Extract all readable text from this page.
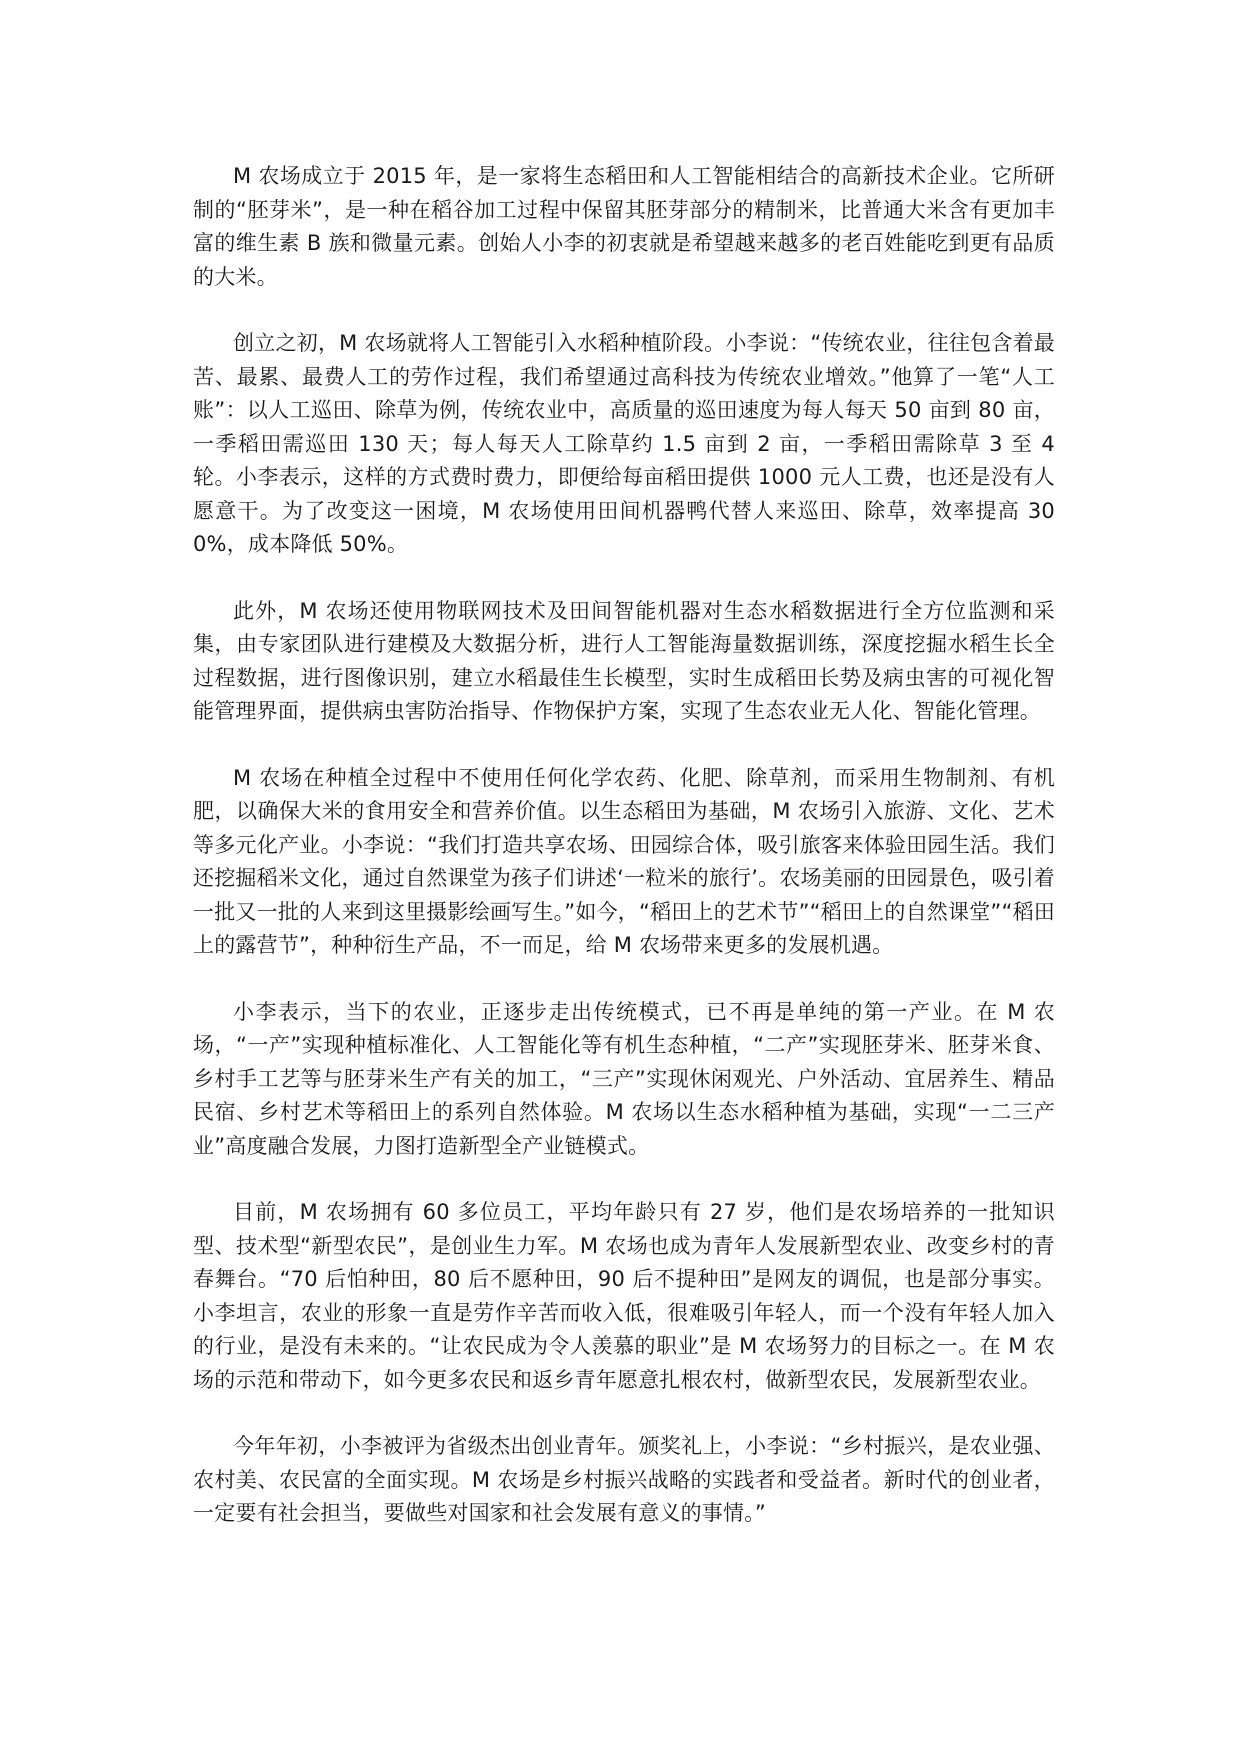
M 农场成立于 2015 年，是一家将生态稻田和人工智能相结合的高新技术企业。它所研制的“胚芽米”，是一种在稻谷加工过程中保留其胚芽部分的精制米，比普通大米含有更加丰富的维生素 B 族和微量元素。创始人小李的初衷就是希望越来越多的老百姓能吃到更有品质的大米。

创立之初，M 农场就将人工智能引入水稻种植阶段。小李说：“传统农业，往往包含着最苦、最累、最费人工的劳作过程，我们希望通过高科技为传统农业增效。”他算了一笔“人工账”：以人工巡田、除草为例，传统农业中，高质量的巡田速度为每人每天 50 亩到 80 亩，一季稻田需巡田 130 天；每人每天人工除草约 1.5 亩到 2 亩，一季稻田需除草 3 至 4 轮。小李表示，这样的方式费时费力，即便给每亩稻田提供 1000 元人工费，也还是没有人愿意干。为了改变这一困境，M 农场使用田间机器鸭代替人来巡田、除草，效率提高 300%，成本降低 50%。

此外，M 农场还使用物联网技术及田间智能机器对生态水稻数据进行全方位监测和采集，由专家团队进行建模及大数据分析，进行人工智能海量数据训练，深度挖掘水稻生长全过程数据，进行图像识别，建立水稻最佳生长模型，实时生成稻田长势及病虫害的可视化智能管理界面，提供病虫害防治指导、作物保护方案，实现了生态农业无人化、智能化管理。

M 农场在种植全过程中不使用任何化学农药、化肥、除草剂，而采用生物制剂、有机肥，以确保大米的食用安全和营养价值。以生态稻田为基础，M 农场引入旅游、文化、艺术等多元化产业。小李说：“我们打造共享农场、田园综合体，吸引旅客来体验田园生活。我们还挖掘稻米文化，通过自然课堂为孩子们讲述‘一粒米的旅行’。农场美丽的田园景色，吸引着一批又一批的人来到这里摄影绘画写生。”如今，“稻田上的艺术节”“稻田上的自然课堂”“稻田上的露营节”，种种衍生产品，不一而足，给 M 农场带来更多的发展机遇。

小李表示，当下的农业，正逐步走出传统模式，已不再是单纯的第一产业。在 M 农场，“一产”实现种植标准化、人工智能化等有机生态种植，“二产”实现胚芽米、胚芽米食、乡村手工艺等与胚芽米生产有关的加工，“三产”实现休闲观光、户外活动、宜居养生、精品民宿、乡村艺术等稻田上的系列自然体验。M 农场以生态水稻种植为基础，实现“一二三产业”高度融合发展，力图打造新型全产业链模式。

目前，M 农场拥有 60 多位员工，平均年龄只有 27 岁，他们是农场培养的一批知识型、技术型“新型农民”，是创业生力军。M 农场也成为青年人发展新型农业、改变乡村的青春舞台。“70 后怕种田，80 后不愿种田，90 后不提种田”是网友的调侃，也是部分事实。小李坦言，农业的形象一直是劳作辛苦而收入低，很难吸引年轻人，而一个没有年轻人加入的行业，是没有未来的。“让农民成为令人羡慕的职业”是 M 农场努力的目标之一。在 M 农场的示范和带动下，如今更多农民和返乡青年愿意扎根农村，做新型农民，发展新型农业。

今年年初，小李被评为省级杰出创业青年。颁奖礼上，小李说：“乡村振兴，是农业强、农村美、农民富的全面实现。M 农场是乡村振兴战略的实践者和受益者。新时代的创业者，一定要有社会担当，要做些对国家和社会发展有意义的事情。”
